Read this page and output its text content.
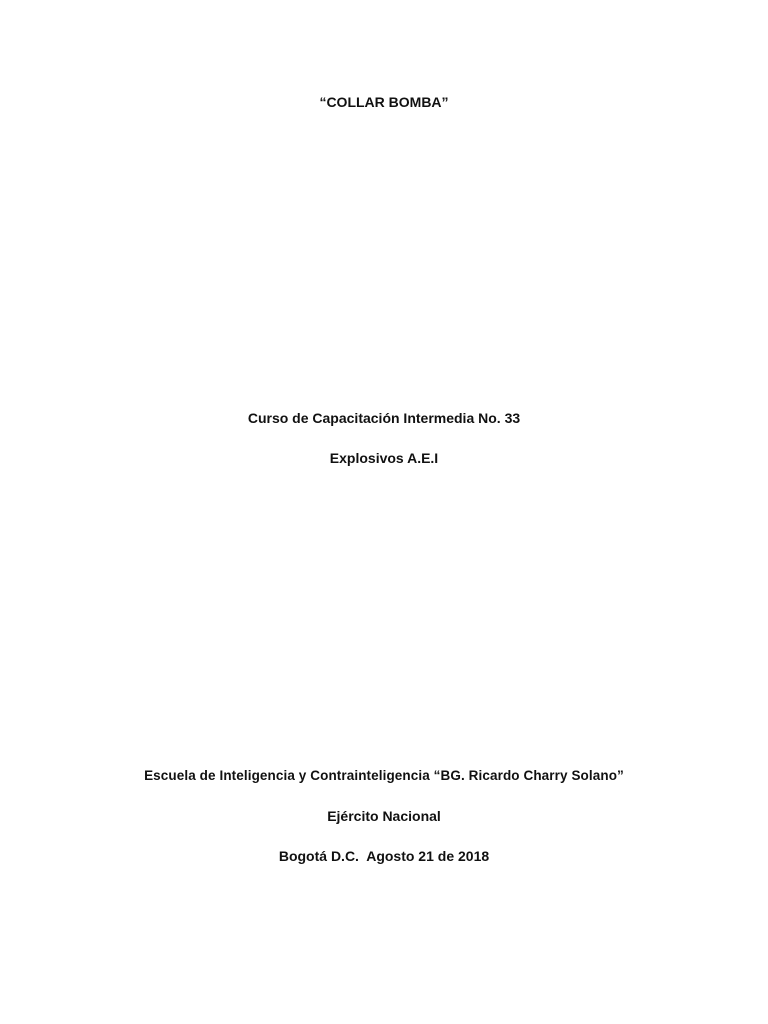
“COLLAR BOMBA”
Curso de Capacitación Intermedia No. 33
Explosivos A.E.I
Escuela de Inteligencia y Contrainteligencia “BG. Ricardo Charry Solano”
Ejército Nacional
Bogotá D.C.  Agosto 21 de 2018
